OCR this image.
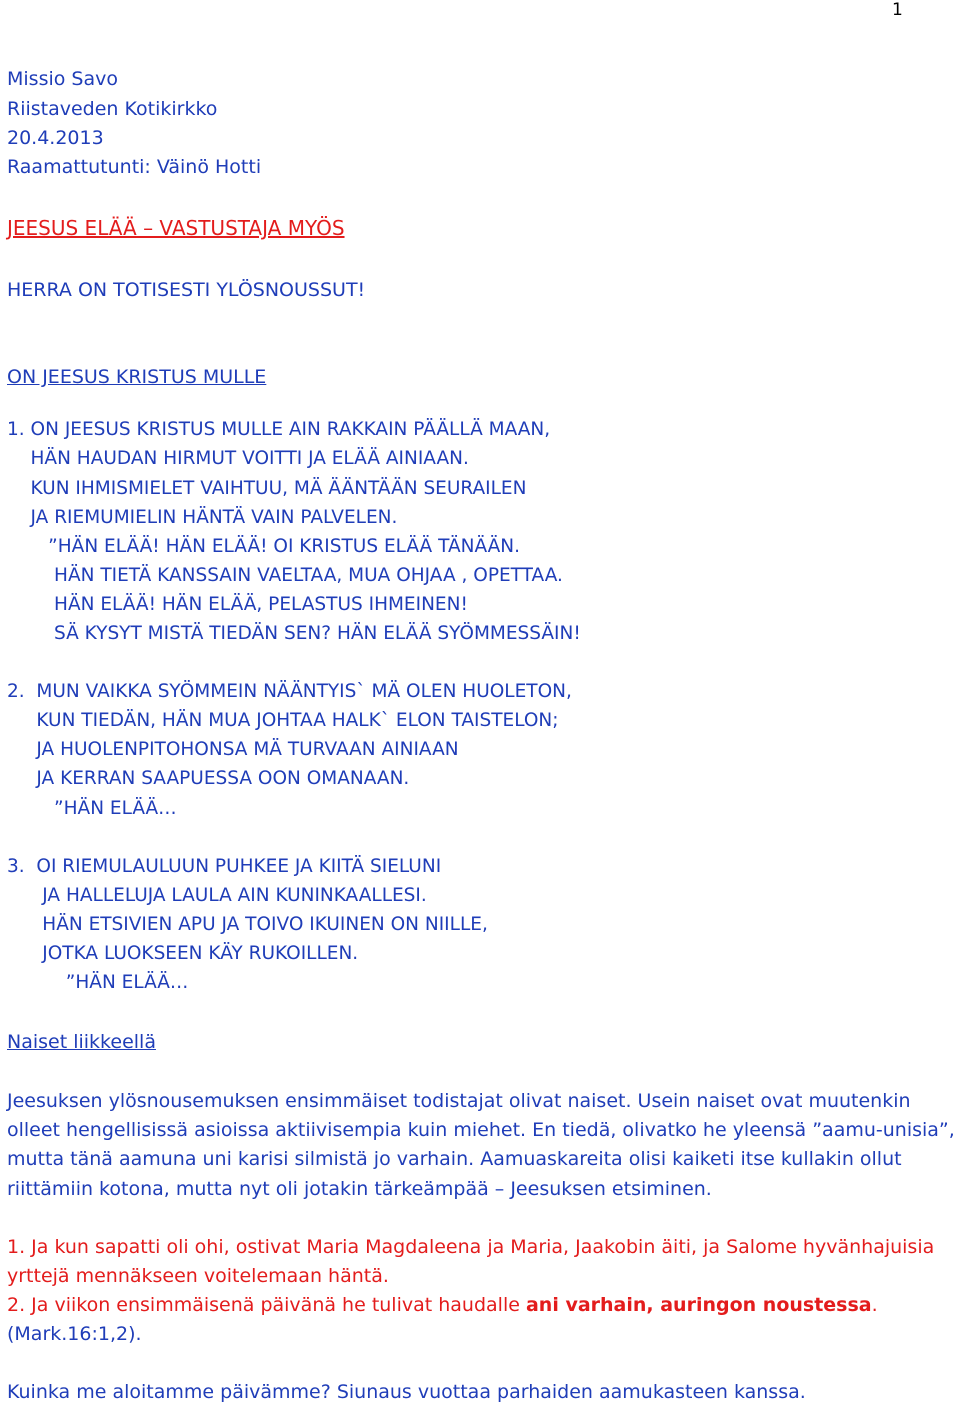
1
Missio Savo
Riistaveden Kotikirkko
20.4.2013
Raamattutunti: Väinö Hotti
JEESUS ELÄÄ – VASTUSTAJA MYÖS
HERRA ON TOTISESTI YLÖSNOUSSUT!
ON JEESUS KRISTUS MULLE
1. ON JEESUS KRISTUS MULLE AIN RAKKAIN PÄÄLLÄ MAAN,
HÄN HAUDAN HIRMUT VOITTI JA ELÄÄ AINIAAN.
KUN IHMISMIELET VAIHTUU, MÄ ÄÄNTÄÄN SEURAILEN
JA RIEMUMIELIN HÄNTÄ VAIN PALVELEN.
”HÄN ELÄÄ! HÄN ELÄÄ! OI KRISTUS ELÄÄ TÄNÄÄN.
HÄN TIETÄ KANSSAIN VAELTAA, MUA OHJAA , OPETTAA.
HÄN ELÄÄ! HÄN ELÄÄ, PELASTUS IHMEINEN!
SÄ KYSYT MISTÄ TIEDÄN SEN? HÄN ELÄÄ SYÖMMESSÄIN!
2.  MUN VAIKKA SYÖMMEIN NÄÄNTYIS` MÄ OLEN HUOLETON,
KUN TIEDÄN, HÄN MUA JOHTAA HALK` ELON TAISTELON;
JA HUOLENPITOHONSA MÄ TURVAAN AINIAAN
JA KERRAN SAAPUESSA OON OMANAAN.
”HÄN ELÄÄ…
3.  OI RIEMULAULUUN PUHKEE JA KIITÄ SIELUNI
JA HALLELUJA LAULA AIN KUNINKAALLESI.
HÄN ETSIVIEN APU JA TOIVO IKUINEN ON NIILLE,
JOTKA LUOKSEEN KÄY RUKOILLEN.
”HÄN ELÄÄ…
Naiset liikkeellä
Jeesuksen ylösnousemuksen ensimmäiset todistajat olivat naiset. Usein naiset ovat muutenkin
olleet hengellisissä asioissa aktiivisempia kuin miehet. En tiedä, olivatko he yleensä ”aamu-unisia”,
mutta tänä aamuna uni karisi silmistä jo varhain. Aamuaskareita olisi kaiketi itse kullakin ollut
riittämiin kotona, mutta nyt oli jotakin tärkeämpää – Jeesuksen etsiminen.
1. Ja kun sapatti oli ohi, ostivat Maria Magdaleena ja Maria, Jaakobin äiti, ja Salome hyvänhajuisia
yrttejä mennäkseen voitelemaan häntä.
2. Ja viikon ensimmäisenä päivänä he tulivat haudalle ani varhain, auringon noustessa.
(Mark.16:1,2).
Kuinka me aloitamme päivämme? Siunaus vuottaa parhaiden aamukasteen kanssa.
